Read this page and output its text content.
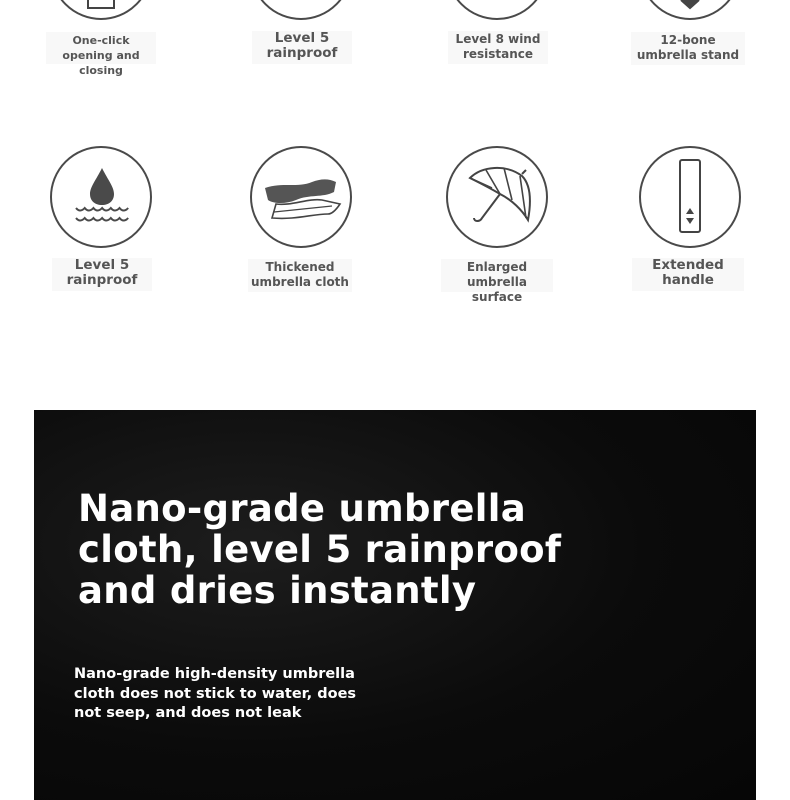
One-click opening and closing
Level 5 rainproof
Level 8 wind resistance
12-bone umbrella stand
Level 5 rainproof
Thickened umbrella cloth
Enlarged umbrella surface
Extended handle
Nano-grade umbrella cloth, level 5 rainproof and dries instantly
Nano-grade high-density umbrella cloth does not stick to water, does not seep, and does not leak
